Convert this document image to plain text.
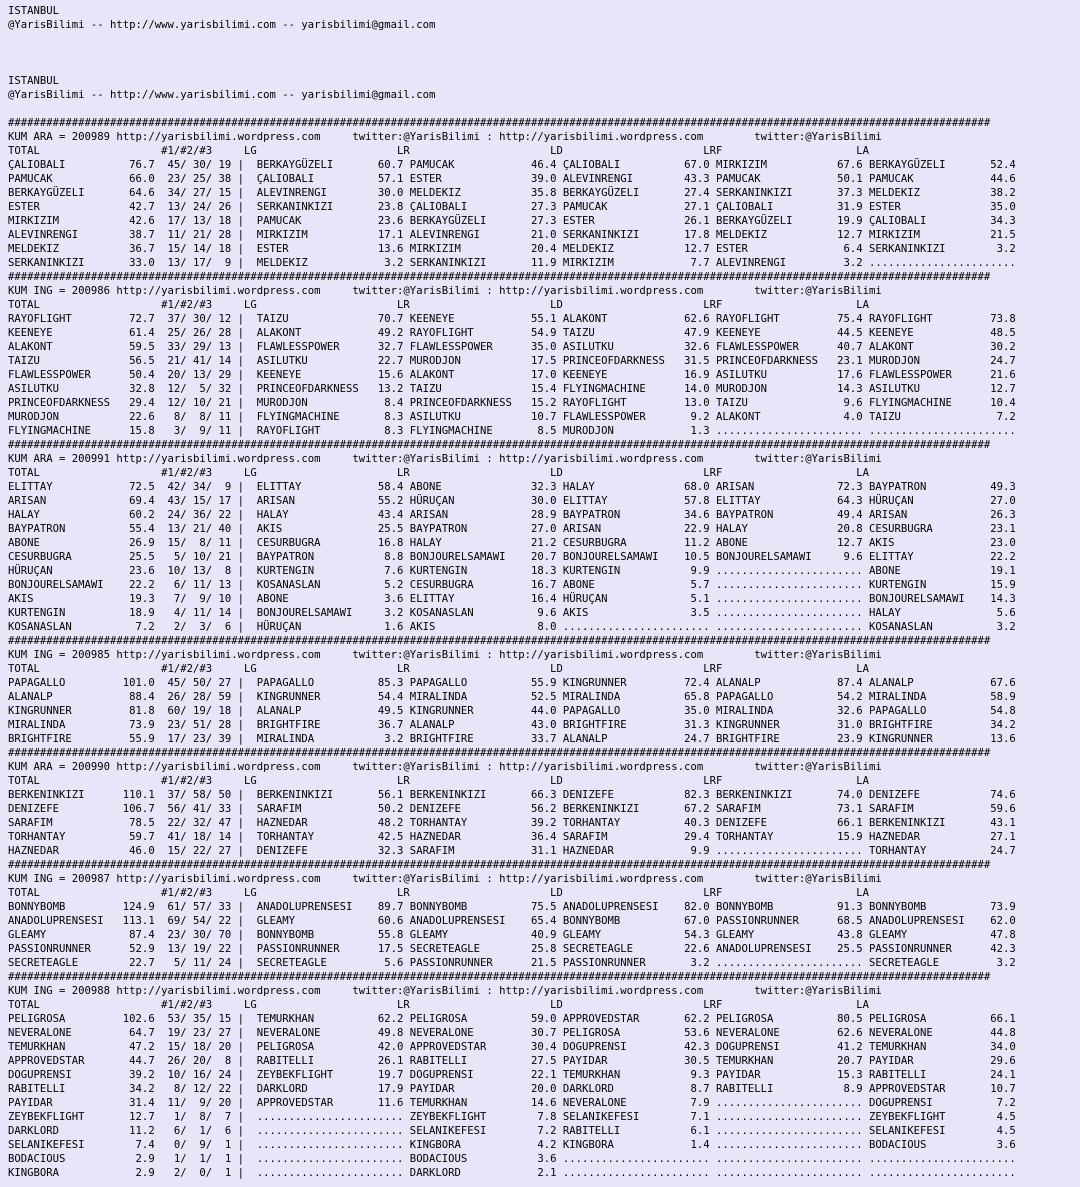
ISTANBUL
@YarisBilimi -- http://www.yarisbilimi.com -- yarisbilimi@gmail.com
ISTANBUL
@YarisBilimi -- http://www.yarisbilimi.com -- yarisbilimi@gmail.com
##########################################################################################################################################################
KUM ARA = 200989 http://yarisbilimi.wordpress.com     twitter:@YarisBilimi : http://yarisbilimi.wordpress.com        twitter:@YarisBilimi
TOTAL                   #1/#2/#3     LG                      LR                      LD                      LRF                     LA
ÇALIOBALI          76.7  45/ 30/ 19 |  BERKAYGÜZELI       60.7 PAMUCAK            46.4 ÇALIOBALI          67.0 MIRKIZIM           67.6 BERKAYGÜZELI       52.4
PAMUCAK            66.0  23/ 25/ 38 |  ÇALIOBALI          57.1 ESTER              39.0 ALEVINRENGI        43.3 PAMUCAK            50.1 PAMUCAK            44.6
BERKAYGÜZELI       64.6  34/ 27/ 15 |  ALEVINRENGI        30.0 MELDEKIZ           35.8 BERKAYGÜZELI       27.4 SERKANINKIZI       37.3 MELDEKIZ           38.2
ESTER              42.7  13/ 24/ 26 |  SERKANINKIZI       23.8 ÇALIOBALI          27.3 PAMUCAK            27.1 ÇALIOBALI          31.9 ESTER              35.0
MIRKIZIM           42.6  17/ 13/ 18 |  PAMUCAK            23.6 BERKAYGÜZELI       27.3 ESTER              26.1 BERKAYGÜZELI       19.9 ÇALIOBALI          34.3
ALEVINRENGI        38.7  11/ 21/ 28 |  MIRKIZIM           17.1 ALEVINRENGI        21.0 SERKANINKIZI       17.8 MELDEKIZ           12.7 MIRKIZIM           21.5
MELDEKIZ           36.7  15/ 14/ 18 |  ESTER              13.6 MIRKIZIM           20.4 MELDEKIZ           12.7 ESTER               6.4 SERKANINKIZI        3.2
SERKANINKIZI       33.0  13/ 17/  9 |  MELDEKIZ            3.2 SERKANINKIZI       11.9 MIRKIZIM            7.7 ALEVINRENGI         3.2 .......................
##########################################################################################################################################################
KUM ING = 200986 http://yarisbilimi.wordpress.com     twitter:@YarisBilimi : http://yarisbilimi.wordpress.com        twitter:@YarisBilimi
TOTAL                   #1/#2/#3     LG                      LR                      LD                      LRF                     LA
RAYOFLIGHT         72.7  37/ 30/ 12 |  TAIZU              70.7 KEENEYE            55.1 ALAKONT            62.6 RAYOFLIGHT         75.4 RAYOFLIGHT         73.8
KEENEYE            61.4  25/ 26/ 28 |  ALAKONT            49.2 RAYOFLIGHT         54.9 TAIZU              47.9 KEENEYE            44.5 KEENEYE            48.5
ALAKONT            59.5  33/ 29/ 13 |  FLAWLESSPOWER      32.7 FLAWLESSPOWER      35.0 ASILUTKU           32.6 FLAWLESSPOWER      40.7 ALAKONT            30.2
TAIZU              56.5  21/ 41/ 14 |  ASILUTKU           22.7 MURODJON           17.5 PRINCEOFDARKNESS   31.5 PRINCEOFDARKNESS   23.1 MURODJON           24.7
FLAWLESSPOWER      50.4  20/ 13/ 29 |  KEENEYE            15.6 ALAKONT            17.0 KEENEYE            16.9 ASILUTKU           17.6 FLAWLESSPOWER      21.6
ASILUTKU           32.8  12/  5/ 32 |  PRINCEOFDARKNESS   13.2 TAIZU              15.4 FLYINGMACHINE      14.0 MURODJON           14.3 ASILUTKU           12.7
PRINCEOFDARKNESS   29.4  12/ 10/ 21 |  MURODJON            8.4 PRINCEOFDARKNESS   15.2 RAYOFLIGHT         13.0 TAIZU               9.6 FLYINGMACHINE      10.4
MURODJON           22.6   8/  8/ 11 |  FLYINGMACHINE       8.3 ASILUTKU           10.7 FLAWLESSPOWER       9.2 ALAKONT             4.0 TAIZU               7.2
FLYINGMACHINE      15.8   3/  9/ 11 |  RAYOFLIGHT          8.3 FLYINGMACHINE       8.5 MURODJON            1.3 ....................... .......................
##########################################################################################################################################################
KUM ARA = 200991 http://yarisbilimi.wordpress.com     twitter:@YarisBilimi : http://yarisbilimi.wordpress.com        twitter:@YarisBilimi
TOTAL                   #1/#2/#3     LG                      LR                      LD                      LRF                     LA
ELITTAY            72.5  42/ 34/  9 |  ELITTAY            58.4 ABONE              32.3 HALAY              68.0 ARISAN             72.3 BAYPATRON          49.3
ARISAN             69.4  43/ 15/ 17 |  ARISAN             55.2 HÜRUÇAN            30.0 ELITTAY            57.8 ELITTAY            64.3 HÜRUÇAN            27.0
HALAY              60.2  24/ 36/ 22 |  HALAY              43.4 ARISAN             28.9 BAYPATRON          34.6 BAYPATRON          49.4 ARISAN             26.3
BAYPATRON          55.4  13/ 21/ 40 |  AKIS               25.5 BAYPATRON          27.0 ARISAN             22.9 HALAY              20.8 CESURBUGRA         23.1
ABONE              26.9  15/  8/ 11 |  CESURBUGRA         16.8 HALAY              21.2 CESURBUGRA         11.2 ABONE              12.7 AKIS               23.0
CESURBUGRA         25.5   5/ 10/ 21 |  BAYPATRON           8.8 BONJOURELSAMAWI    20.7 BONJOURELSAMAWI    10.5 BONJOURELSAMAWI     9.6 ELITTAY            22.2
HÜRUÇAN            23.6  10/ 13/  8 |  KURTENGIN           7.6 KURTENGIN          18.3 KURTENGIN           9.9 ....................... ABONE              19.1
BONJOURELSAMAWI    22.2   6/ 11/ 13 |  KOSANASLAN          5.2 CESURBUGRA         16.7 ABONE               5.7 ....................... KURTENGIN          15.9
AKIS               19.3   7/  9/ 10 |  ABONE               3.6 ELITTAY            16.4 HÜRUÇAN             5.1 ....................... BONJOURELSAMAWI    14.3
KURTENGIN          18.9   4/ 11/ 14 |  BONJOURELSAMAWI     3.2 KOSANASLAN          9.6 AKIS                3.5 ....................... HALAY               5.6
KOSANASLAN          7.2   2/  3/  6 |  HÜRUÇAN             1.6 AKIS                8.0 ....................... ....................... KOSANASLAN          3.2
##########################################################################################################################################################
KUM ING = 200985 http://yarisbilimi.wordpress.com     twitter:@YarisBilimi : http://yarisbilimi.wordpress.com        twitter:@YarisBilimi
TOTAL                   #1/#2/#3     LG                      LR                      LD                      LRF                     LA
PAPAGALLO         101.0  45/ 50/ 27 |  PAPAGALLO          85.3 PAPAGALLO          55.9 KINGRUNNER         72.4 ALANALP            87.4 ALANALP            67.6
ALANALP            88.4  26/ 28/ 59 |  KINGRUNNER         54.4 MIRALINDA          52.5 MIRALINDA          65.8 PAPAGALLO          54.2 MIRALINDA          58.9
KINGRUNNER         81.8  60/ 19/ 18 |  ALANALP            49.5 KINGRUNNER         44.0 PAPAGALLO          35.0 MIRALINDA          32.6 PAPAGALLO          54.8
MIRALINDA          73.9  23/ 51/ 28 |  BRIGHTFIRE         36.7 ALANALP            43.0 BRIGHTFIRE         31.3 KINGRUNNER         31.0 BRIGHTFIRE         34.2
BRIGHTFIRE         55.9  17/ 23/ 39 |  MIRALINDA           3.2 BRIGHTFIRE         33.7 ALANALP            24.7 BRIGHTFIRE         23.9 KINGRUNNER         13.6
##########################################################################################################################################################
KUM ARA = 200990 http://yarisbilimi.wordpress.com     twitter:@YarisBilimi : http://yarisbilimi.wordpress.com        twitter:@YarisBilimi
TOTAL                   #1/#2/#3     LG                      LR                      LD                      LRF                     LA
BERKENINKIZI      110.1  37/ 58/ 50 |  BERKENINKIZI       56.1 BERKENINKIZI       66.3 DENIZEFE           82.3 BERKENINKIZI       74.0 DENIZEFE           74.6
DENIZEFE          106.7  56/ 41/ 33 |  SARAFIM            50.2 DENIZEFE           56.2 BERKENINKIZI       67.2 SARAFIM            73.1 SARAFIM            59.6
SARAFIM            78.5  22/ 32/ 47 |  HAZNEDAR           48.2 TORHANTAY          39.2 TORHANTAY          40.3 DENIZEFE           66.1 BERKENINKIZI       43.1
TORHANTAY          59.7  41/ 18/ 14 |  TORHANTAY          42.5 HAZNEDAR           36.4 SARAFIM            29.4 TORHANTAY          15.9 HAZNEDAR           27.1
HAZNEDAR           46.0  15/ 22/ 27 |  DENIZEFE           32.3 SARAFIM            31.1 HAZNEDAR            9.9 ....................... TORHANTAY          24.7
##########################################################################################################################################################
KUM ING = 200987 http://yarisbilimi.wordpress.com     twitter:@YarisBilimi : http://yarisbilimi.wordpress.com        twitter:@YarisBilimi
TOTAL                   #1/#2/#3     LG                      LR                      LD                      LRF                     LA
BONNYBOMB         124.9  61/ 57/ 33 |  ANADOLUPRENSESI    89.7 BONNYBOMB          75.5 ANADOLUPRENSESI    82.0 BONNYBOMB          91.3 BONNYBOMB          73.9
ANADOLUPRENSESI   113.1  69/ 54/ 22 |  GLEAMY             60.6 ANADOLUPRENSESI    65.4 BONNYBOMB          67.0 PASSIONRUNNER      68.5 ANADOLUPRENSESI    62.0
GLEAMY             87.4  23/ 30/ 70 |  BONNYBOMB          55.8 GLEAMY             40.9 GLEAMY             54.3 GLEAMY             43.8 GLEAMY             47.8
PASSIONRUNNER      52.9  13/ 19/ 22 |  PASSIONRUNNER      17.5 SECRETEAGLE        25.8 SECRETEAGLE        22.6 ANADOLUPRENSESI    25.5 PASSIONRUNNER      42.3
SECRETEAGLE        22.7   5/ 11/ 24 |  SECRETEAGLE         5.6 PASSIONRUNNER      21.5 PASSIONRUNNER       3.2 ....................... SECRETEAGLE         3.2
##########################################################################################################################################################
KUM ING = 200988 http://yarisbilimi.wordpress.com     twitter:@YarisBilimi : http://yarisbilimi.wordpress.com        twitter:@YarisBilimi
TOTAL                   #1/#2/#3     LG                      LR                      LD                      LRF                     LA
PELIGROSA         102.6  53/ 35/ 15 |  TEMURKHAN          62.2 PELIGROSA          59.0 APPROVEDSTAR       62.2 PELIGROSA          80.5 PELIGROSA          66.1
NEVERALONE         64.7  19/ 23/ 27 |  NEVERALONE         49.8 NEVERALONE         30.7 PELIGROSA          53.6 NEVERALONE         62.6 NEVERALONE         44.8
TEMURKHAN          47.2  15/ 18/ 20 |  PELIGROSA          42.0 APPROVEDSTAR       30.4 DOGUPRENSI         42.3 DOGUPRENSI         41.2 TEMURKHAN          34.0
APPROVEDSTAR       44.7  26/ 20/  8 |  RABITELLI          26.1 RABITELLI          27.5 PAYIDAR            30.5 TEMURKHAN          20.7 PAYIDAR            29.6
DOGUPRENSI         39.2  10/ 16/ 24 |  ZEYBEKFLIGHT       19.7 DOGUPRENSI         22.1 TEMURKHAN           9.3 PAYIDAR            15.3 RABITELLI          24.1
RABITELLI          34.2   8/ 12/ 22 |  DARKLORD           17.9 PAYIDAR            20.0 DARKLORD            8.7 RABITELLI           8.9 APPROVEDSTAR       10.7
PAYIDAR            31.4  11/  9/ 20 |  APPROVEDSTAR       11.6 TEMURKHAN          14.6 NEVERALONE          7.9 ....................... DOGUPRENSI          7.2
ZEYBEKFLIGHT       12.7   1/  8/  7 |  ....................... ZEYBEKFLIGHT        7.8 SELANIKEFESI        7.1 ....................... ZEYBEKFLIGHT        4.5
DARKLORD           11.2   6/  1/  6 |  ....................... SELANIKEFESI        7.2 RABITELLI           6.1 ....................... SELANIKEFESI        4.5
SELANIKEFESI        7.4   0/  9/  1 |  ....................... KINGBORA            4.2 KINGBORA            1.4 ....................... BODACIOUS           3.6
BODACIOUS           2.9   1/  1/  1 |  ....................... BODACIOUS           3.6 ....................... ....................... .......................
KINGBORA            2.9   2/  0/  1 |  ....................... DARKLORD            2.1 ....................... ....................... .......................
